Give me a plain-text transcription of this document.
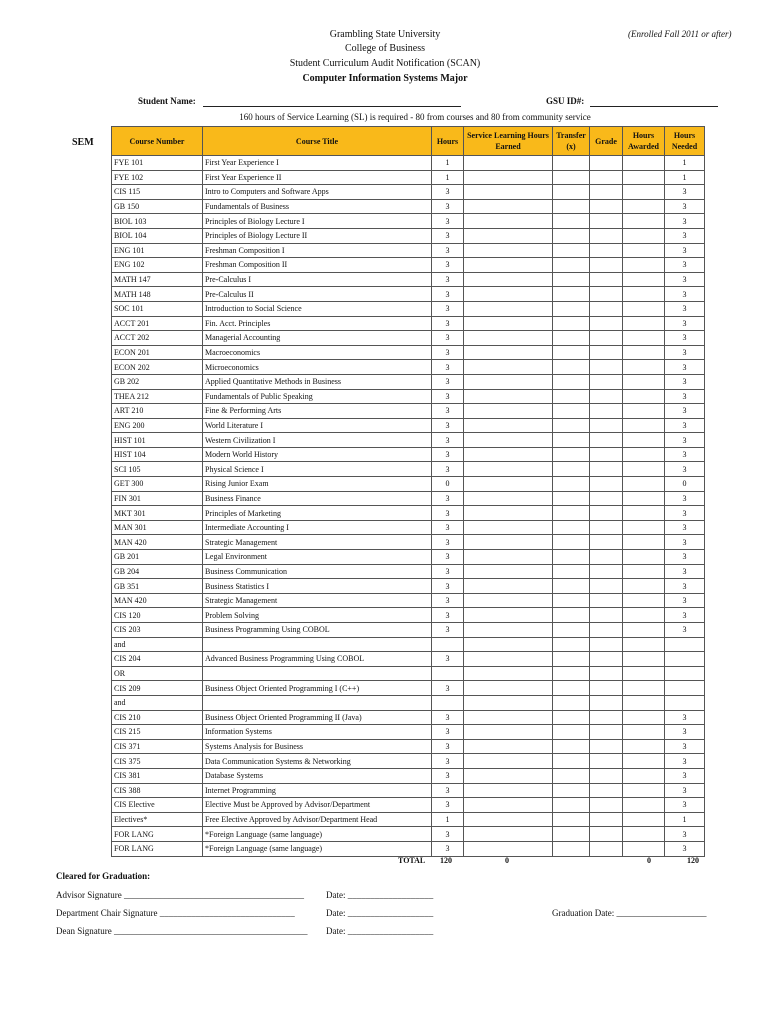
Grambling State University
College of Business
Student Curriculum Audit Notification (SCAN)
Computer Information Systems Major
(Enrolled Fall 2011 or after)
Student Name:	GSU ID#:
160 hours of Service Learning (SL) is required - 80 from courses and 80 from community service
SEM	Course Number	Course Title	Hours	Service Learning Hours Earned	Transfer (x)	Grade	Hours Awarded	Hours Needed
FYE 101	First Year Experience I	1					1
FYE 102	First Year Experience II	1					1
CIS 115	Intro to Computers and Software Apps	3					3
GB 150	Fundamentals of Business	3					3
BIOL 103	Principles of Biology Lecture I	3					3
BIOL 104	Principles of Biology Lecture II	3					3
ENG 101	Freshman Composition I	3					3
ENG 102	Freshman Composition II	3					3
MATH 147	Pre-Calculus I	3					3
MATH 148	Pre-Calculus II	3					3
SOC 101	Introduction to Social Science	3					3
ACCT 201	Fin. Acct. Principles	3					3
ACCT 202	Managerial Accounting	3					3
ECON 201	Macroeconomics	3					3
ECON 202	Microeconomics	3					3
GB 202	Applied Quantitative Methods in Business	3					3
THEA 212	Fundamentals of Public Speaking	3					3
ART 210	Fine & Performing Arts	3					3
ENG 200	World Literature I	3					3
HIST 101	Western Civilization I	3					3
HIST 104	Modern World History	3					3
SCI 105	Physical Science I	3					3
GET 300	Rising Junior Exam	0					0
FIN 301	Business Finance	3					3
MKT 301	Principles of Marketing	3					3
MAN 301	Intermediate Accounting I	3					3
MAN 420	Strategic Management	3					3
GB 201	Legal Environment	3					3
GB 204	Business Communication	3					3
GB 351	Business Statistics I	3					3
MAN 420	Strategic Management	3					3
CIS 120	Problem Solving	3					3
CIS 203	Business Programming Using COBOL	3					3
and							
CIS 204	Advanced Business Programming Using COBOL	3					
OR							
CIS 209	Business Object Oriented Programming I (C++)	3					
and							
CIS 210	Business Object Oriented Programming II (Java)	3					3
CIS 215	Information Systems	3					3
CIS 371	Systems Analysis for Business	3					3
CIS 375	Data Communication Systems & Networking	3					3
CIS 381	Database Systems	3					3
CIS 388	Internet Programming	3					3
CIS Elective	Elective Must be Approved by Advisor/Department	3					3
Electives*	Free Elective Approved by Advisor/Department Head	1					1
FOR LANG	*Foreign Language (same language)	3					3
FOR LANG	*Foreign Language (same language)	3					3
TOTAL 120	0	0	120
Cleared for Graduation:
Advisor Signature ________________________________________ Date: ___________________
Department Chair Signature ______________________________	Date: ___________________	Graduation Date: ____________________
Dean Signature ___________________________________________ Date: ___________________
